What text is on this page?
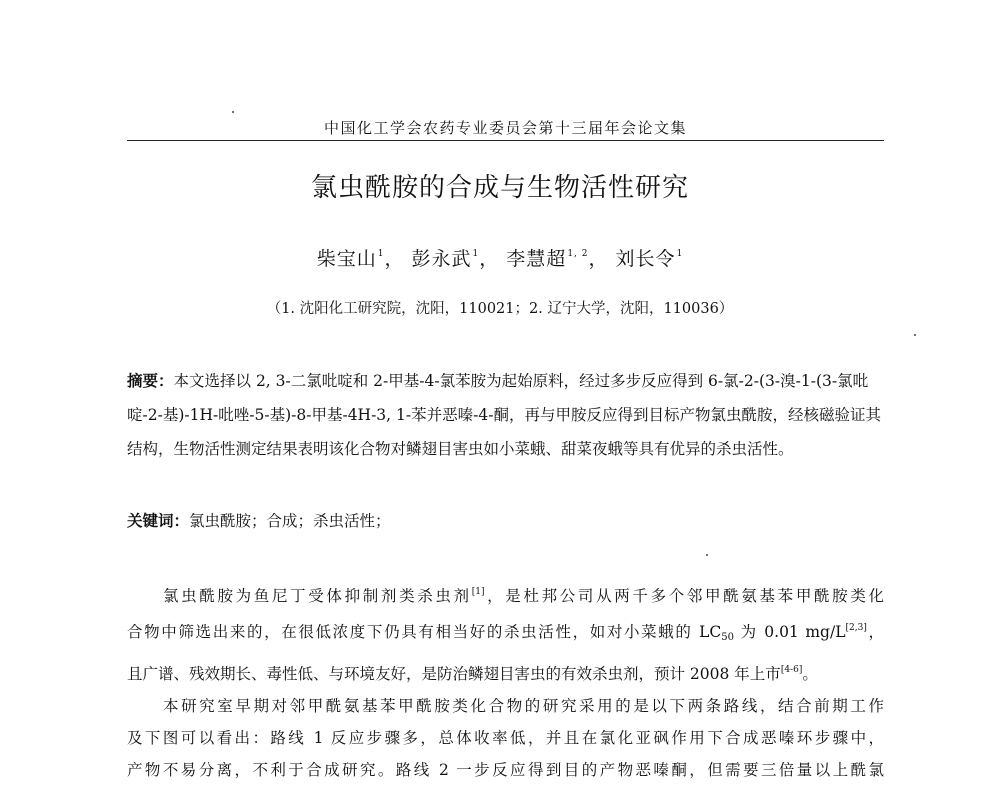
中国化工学会农药专业委员会第十三届年会论文集
氯虫酰胺的合成与生物活性研究
柴宝山$^1$， 彭永武$^1$， 李慧超$^{1, 2}$， 刘长令$^1$
（1. 沈阳化工研究院，沈阳，110021；2. 辽宁大学，沈阳，110036）
摘要：本文选择以 2, 3-二氯吡啶和 2-甲基-4-氯苯胺为起始原料，经过多步反应得到 6-氯-2-(3-溴-1-(3-氯吡啶-2-基)-1H-吡唑-5-基)-8-甲基-4H-3, 1-苯并恶嗪-4-酮，再与甲胺反应得到目标产物氯虫酰胺，经核磁验证其结构，生物活性测定结果表明该化合物对鳞翅目害虫如小菜蛾、甜菜夜蛾等具有优异的杀虫活性。
关键词：氯虫酰胺；合成；杀虫活性；

氯虫酰胺为鱼尼丁受体抑制剂类杀虫剂[1]，是杜邦公司从两千多个邻甲酰氨基苯甲酰胺类化

合物中筛选出来的，在很低浓度下仍具有相当好的杀虫活性，如对小菜蛾的 $LC_{50}$ 为 0.01 mg/L[2,3]，

且广谱、残效期长、毒性低、与环境友好，是防治鳞翅目害虫的有效杀虫剂，预计 2008 年上市[4-6]。

本研究室早期对邻甲酰氨基苯甲酰胺类化合物的研究采用的是以下两条路线，结合前期工作

及下图可以看出：路线 1 反应步骤多，总体收率低，并且在氯化亚砜作用下合成恶嗪环步骤中，

产物不易分离，不利于合成研究。路线 2 一步反应得到目的产物恶嗪酮，但需要三倍量以上酰氯
